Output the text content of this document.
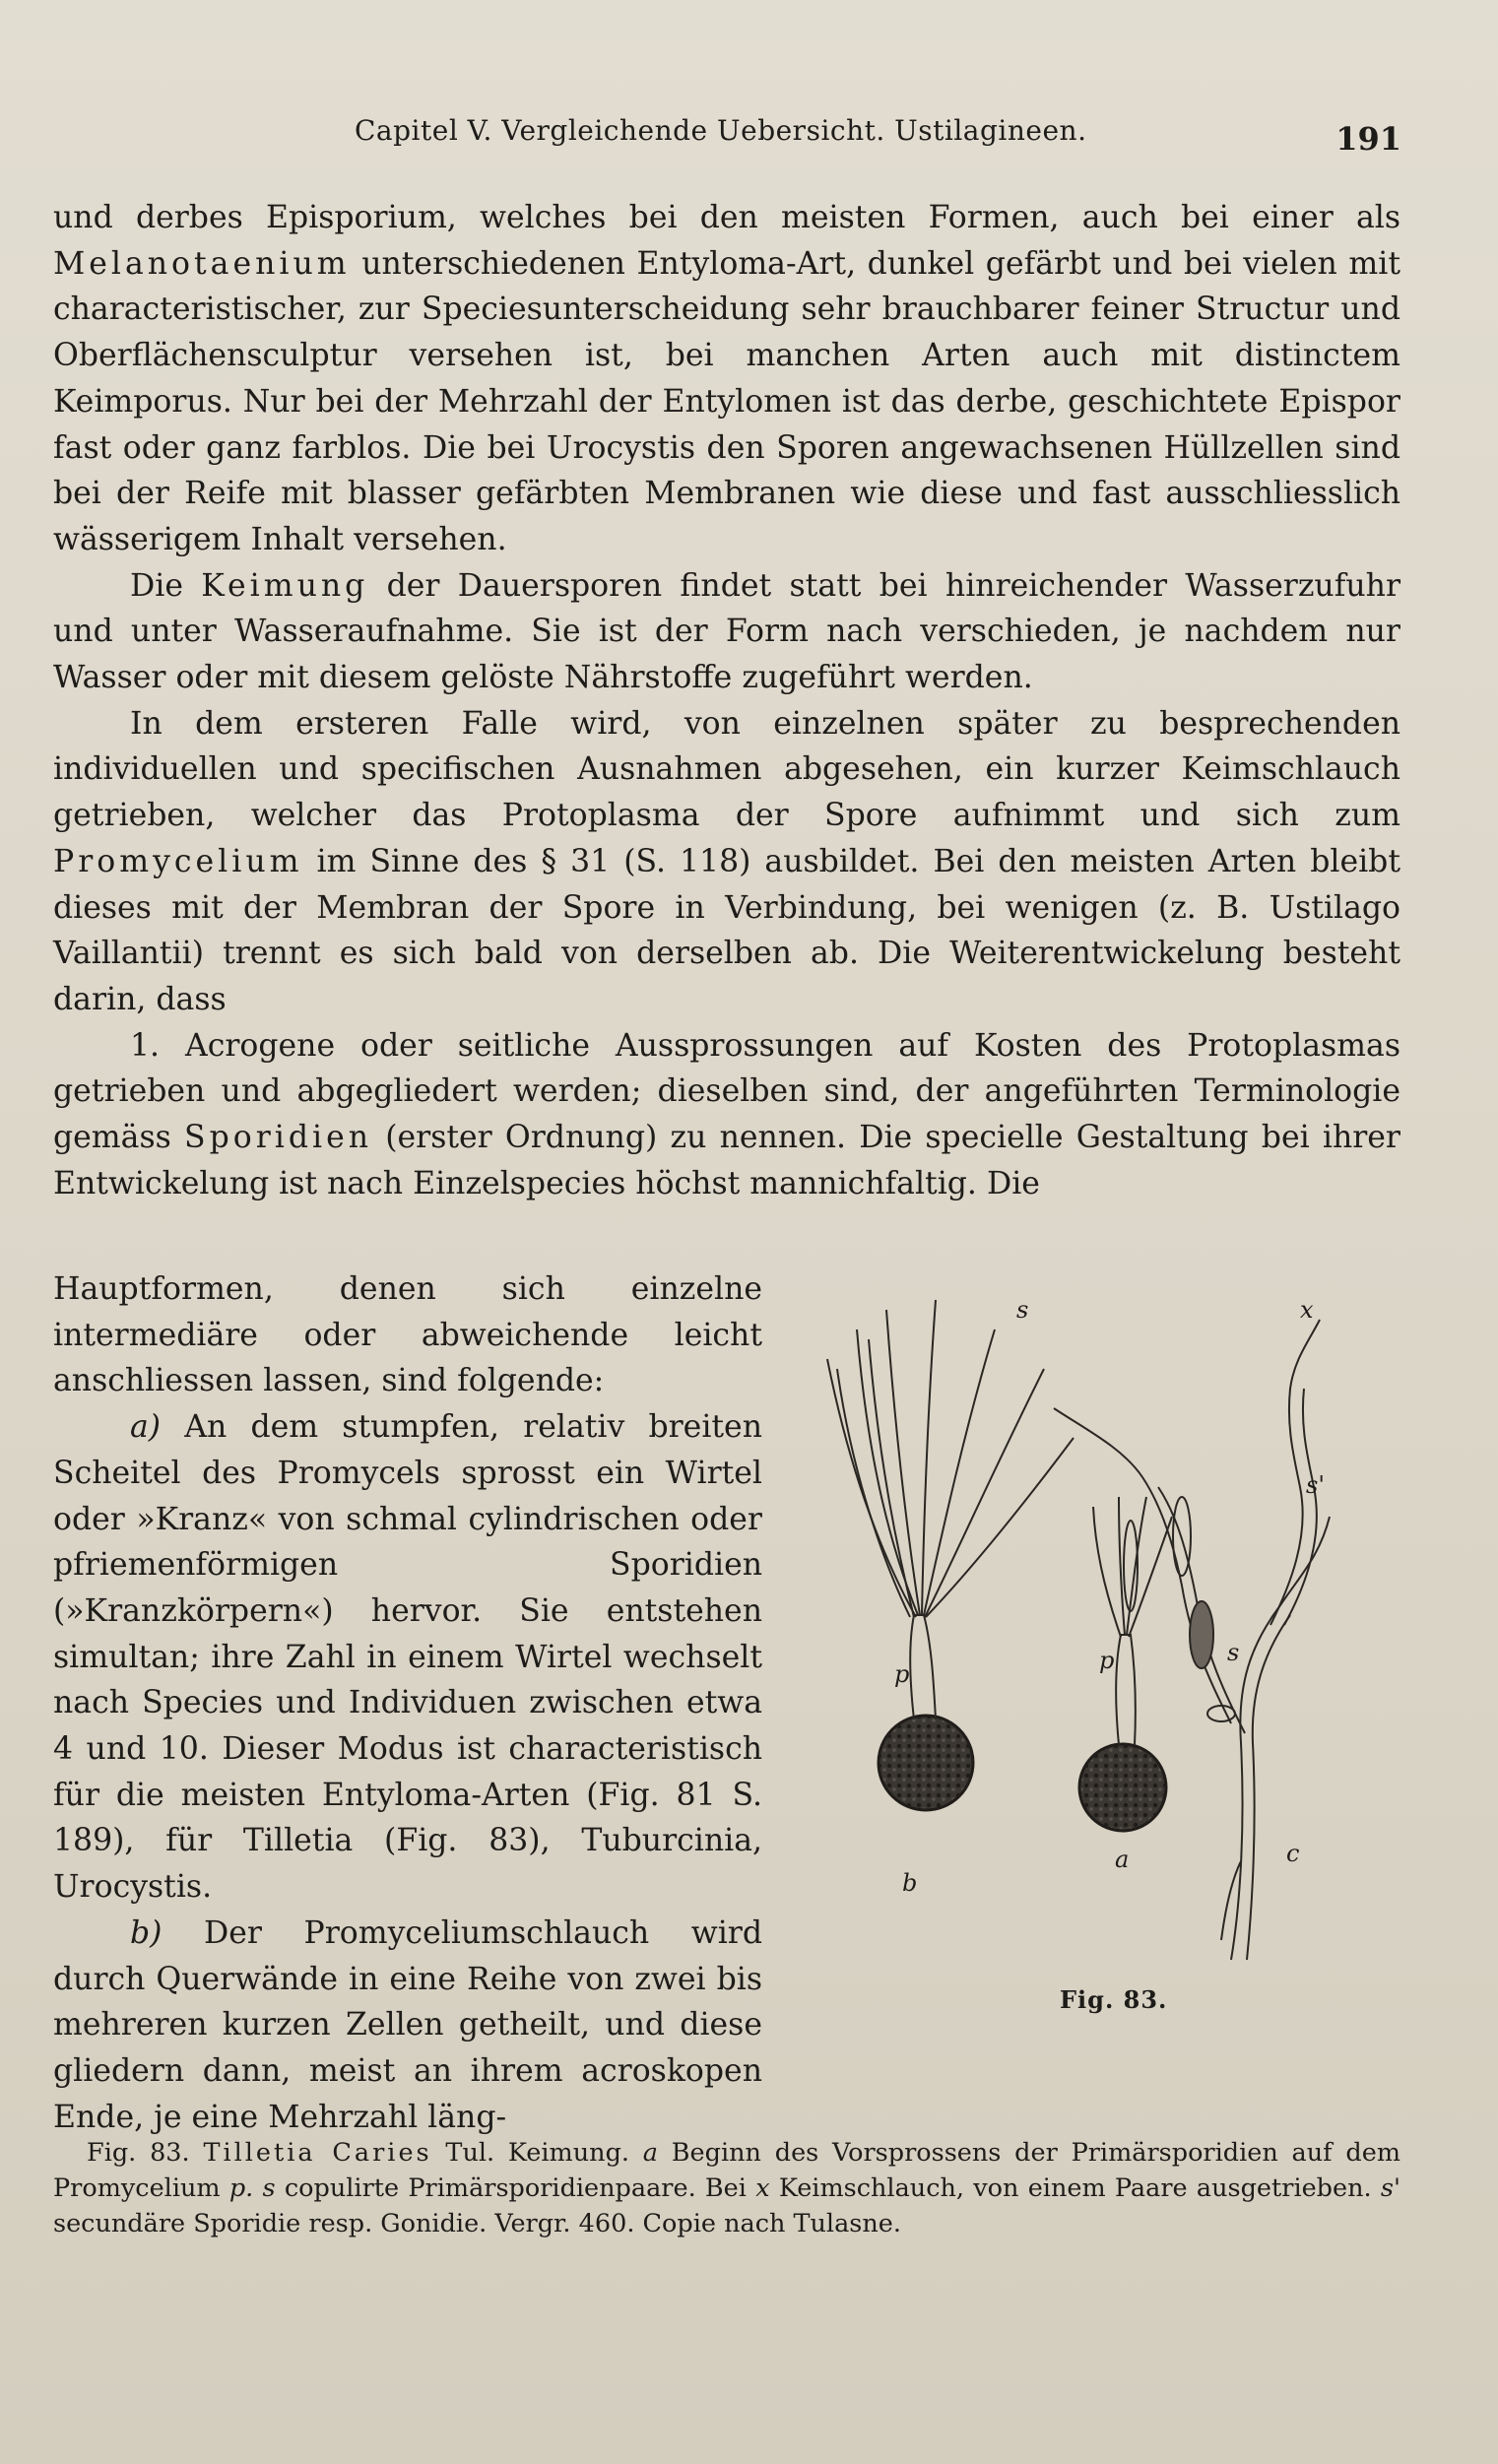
Capitel V. Vergleichende Uebersicht. Ustilagineen.	191

und derbes Episporium, welches bei den meisten Formen, auch bei einer als Melanotaenium unterschiedenen Entyloma-Art, dunkel gefärbt und bei vielen mit characteristischer, zur Speciesunterscheidung sehr brauchbarer feiner Structur und Oberflächensculptur versehen ist, bei manchen Arten auch mit distinctem Keimporus. Nur bei der Mehrzahl der Entylomen ist das derbe, geschichtete Epispor fast oder ganz farblos. Die bei Urocystis den Sporen angewachsenen Hüllzellen sind bei der Reife mit blasser gefärbten Membranen wie diese und fast ausschliesslich wässerigem Inhalt versehen.

Die Keimung der Dauersporen findet statt bei hinreichender Wasserzufuhr und unter Wasseraufnahme. Sie ist der Form nach verschieden, je nachdem nur Wasser oder mit diesem gelöste Nährstoffe zugeführt werden.

In dem ersteren Falle wird, von einzelnen später zu besprechenden individuellen und specifischen Ausnahmen abgesehen, ein kurzer Keimschlauch getrieben, welcher das Protoplasma der Spore aufnimmt und sich zum Promycelium im Sinne des § 31 (S. 118) ausbildet. Bei den meisten Arten bleibt dieses mit der Membran der Spore in Verbindung, bei wenigen (z. B. Ustilago Vaillantii) trennt es sich bald von derselben ab. Die Weiterentwickelung besteht darin, dass

1. Acrogene oder seitliche Aussprossungen auf Kosten des Protoplasmas getrieben und abgegliedert werden; dieselben sind, der angeführten Terminologie gemäss Sporidien (erster Ordnung) zu nennen. Die specielle Gestaltung bei ihrer Entwickelung ist nach Einzelspecies höchst mannichfaltig. Die

Hauptformen, denen sich einzelne intermediäre oder abweichende leicht anschliessen lassen, sind folgende:

a) An dem stumpfen, relativ breiten Scheitel des Promycels sprosst ein Wirtel oder »Kranz« von schmal cylindrischen oder pfriemenförmigen Sporidien (»Kranzkörpern«) hervor. Sie entstehen simultan; ihre Zahl in einem Wirtel wechselt nach Species und Individuen zwischen etwa 4 und 10. Dieser Modus ist characteristisch für die meisten Entyloma-Arten (Fig. 81 S. 189), für Tilletia (Fig. 83), Tuburcinia, Urocystis.

b) Der Promyceliumschlauch wird durch Querwände in eine Reihe von zwei bis mehreren kurzen Zellen getheilt, und diese gliedern dann, meist an ihrem acroskopen Ende, je eine Mehrzahl läng-

s	x
s'
s
p	p
b
a	c
Fig. 83.

Fig. 83. Tilletia Caries Tul. Keimung. a Beginn des Vorsprossens der Primärsporidien auf dem Promycelium p. s copulirte Primärsporidienpaare. Bei x Keimschlauch, von einem Paare ausgetrieben. s' secundäre Sporidie resp. Gonidie. Vergr. 460. Copie nach Tulasne.
